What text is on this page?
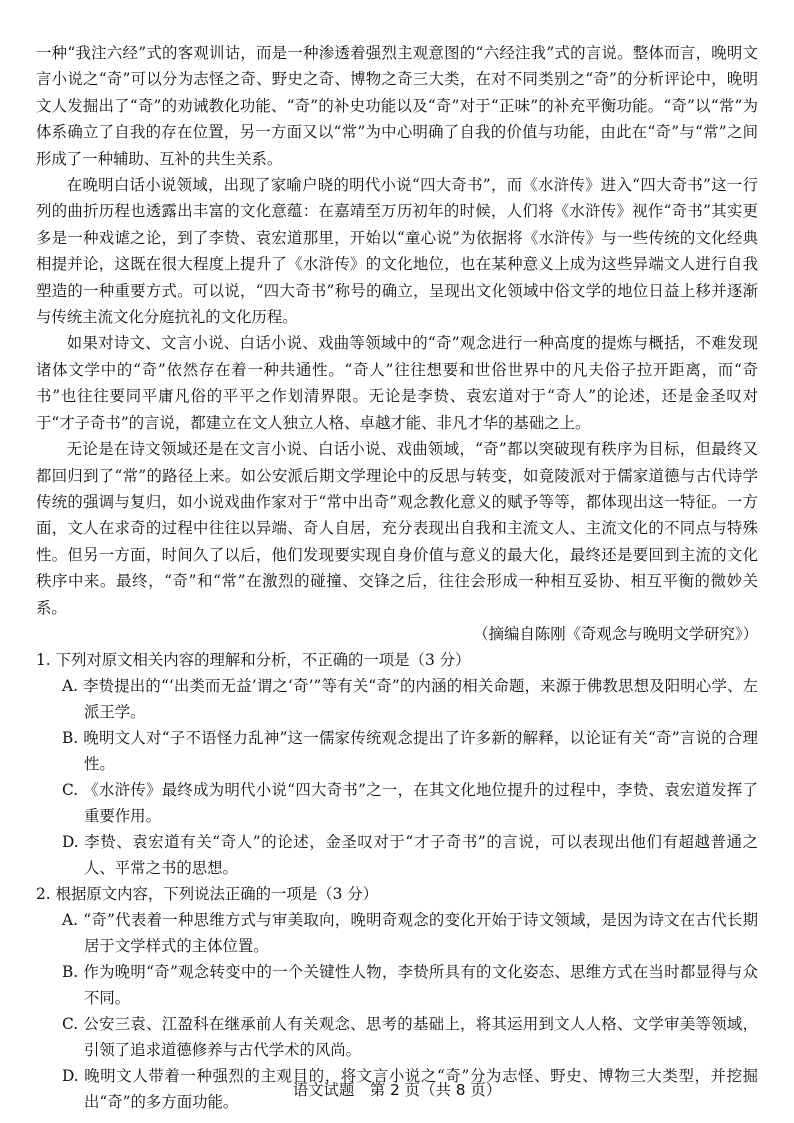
一种“我注六经”式的客观训诂，而是一种渗透着强烈主观意图的“六经注我”式的言说。整体而言，晚明文言小说之“奇”可以分为志怪之奇、野史之奇、博物之奇三大类，在对不同类别之“奇”的分析评论中，晚明文人发掘出了“奇”的劝诫教化功能、“奇”的补史功能以及“奇”对于“正味”的补充平衡功能。“奇”以“常”为体系确立了自我的存在位置，另一方面又以“常”为中心明确了自我的价值与功能，由此在“奇”与“常”之间形成了一种辅助、互补的共生关系。

在晚明白话小说领域，出现了家喻户晓的明代小说“四大奇书”，而《水浒传》进入“四大奇书”这一行列的曲折历程也透露出丰富的文化意蕴：在嘉靖至万历初年的时候，人们将《水浒传》视作“奇书”其实更多是一种戏谑之论，到了李贽、袁宏道那里，开始以“童心说”为依据将《水浒传》与一些传统的文化经典相提并论，这既在很大程度上提升了《水浒传》的文化地位，也在某种意义上成为这些异端文人进行自我塑造的一种重要方式。可以说，“四大奇书”称号的确立，呈现出文化领域中俗文学的地位日益上移并逐渐与传统主流文化分庭抗礼的文化历程。

如果对诗文、文言小说、白话小说、戏曲等领域中的“奇”观念进行一种高度的提炼与概括，不难发现诸体文学中的“奇”依然存在着一种共通性。“奇人”往往想要和世俗世界中的凡夫俗子拉开距离，而“奇书”也往往要同平庸凡俗的平平之作划清界限。无论是李贽、袁宏道对于“奇人”的论述，还是金圣叹对于“才子奇书”的言说，都建立在文人独立人格、卓越才能、非凡才华的基础之上。

无论是在诗文领域还是在文言小说、白话小说、戏曲领域，“奇”都以突破现有秩序为目标，但最终又都回归到了“常”的路径上来。如公安派后期文学理论中的反思与转变，如竟陵派对于儒家道德与古代诗学传统的强调与复归，如小说戏曲作家对于“常中出奇”观念教化意义的赋予等等，都体现出这一特征。一方面，文人在求奇的过程中往往以异端、奇人自居，充分表现出自我和主流文人、主流文化的不同点与特殊性。但另一方面，时间久了以后，他们发现要实现自身价值与意义的最大化，最终还是要回到主流的文化秩序中来。最终，“奇”和“常”在激烈的碰撞、交锋之后，往往会形成一种相互妥协、相互平衡的微妙关系。

（摘编自陈刚《奇观念与晚明文学研究》）

1. 下列对原文相关内容的理解和分析，不正确的一项是（3 分）

A. 李贽提出的“‘出类而无益’谓之‘奇’”等有关“奇”的内涵的相关命题，来源于佛教思想及阳明心学、左派王学。

B. 晚明文人对“子不语怪力乱神”这一儒家传统观念提出了许多新的解释，以论证有关“奇”言说的合理性。

C. 《水浒传》最终成为明代小说“四大奇书”之一，在其文化地位提升的过程中，李贽、袁宏道发挥了重要作用。

D. 李贽、袁宏道有关“奇人”的论述，金圣叹对于“才子奇书”的言说，可以表现出他们有超越普通之人、平常之书的思想。

2. 根据原文内容，下列说法正确的一项是（3 分）

A. “奇”代表着一种思维方式与审美取向，晚明奇观念的变化开始于诗文领域，是因为诗文在古代长期居于文学样式的主体位置。

B. 作为晚明“奇”观念转变中的一个关键性人物，李贽所具有的文化姿态、思维方式在当时都显得与众不同。

C. 公安三袁、江盈科在继承前人有关观念、思考的基础上，将其运用到文人人格、文学审美等领域，引领了追求道德修养与古代学术的风尚。

D. 晚明文人带着一种强烈的主观目的，将文言小说之“奇”分为志怪、野史、博物三大类型，并挖掘出“奇”的多方面功能。

语文试题　第 2 页（共 8 页）
